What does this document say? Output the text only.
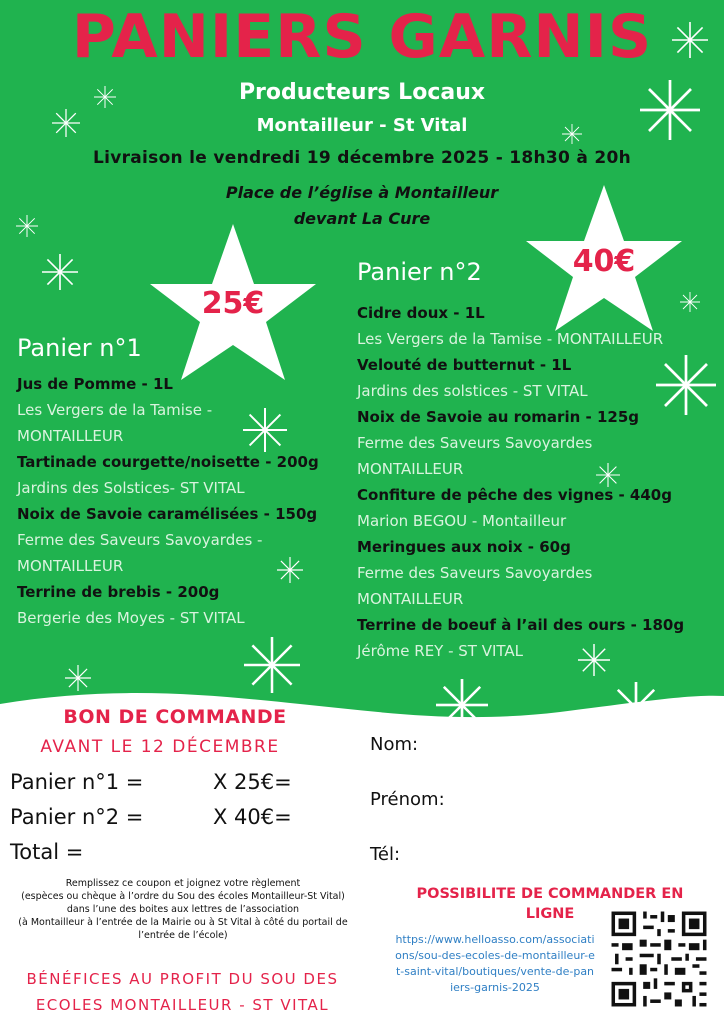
PANIERS GARNIS
Producteurs Locaux
Montailleur - St Vital
Livraison le vendredi 19 décembre 2025 - 18h30 à 20h
Place de l’église à Montailleur
devant La Cure
25€
40€
Panier n°1
Jus de Pomme - 1L
Les Vergers de la Tamise -
MONTAILLEUR
Tartinade courgette/noisette - 200g
Jardins des Solstices- ST VITAL
Noix de Savoie caramélisées - 150g
Ferme des Saveurs Savoyardes -
MONTAILLEUR
Terrine de brebis - 200g
Bergerie des Moyes - ST VITAL
Panier n°2
Cidre doux - 1L
Les Vergers de la Tamise - MONTAILLEUR
Velouté de butternut - 1L
Jardins des solstices - ST VITAL
Noix de Savoie au romarin - 125g
Ferme des Saveurs Savoyardes
MONTAILLEUR
Confiture de pêche des vignes - 440g
Marion BEGOU - Montailleur
Meringues aux noix - 60g
Ferme des Saveurs Savoyardes
MONTAILLEUR
Terrine de boeuf à l’ail des ours - 180g
Jérôme REY - ST VITAL
BON DE COMMANDE
AVANT LE 12 DÉCEMBRE
Panier n°1 =	X 25€=
Panier n°2 =	X 40€=
Total =
Nom:
Prénom:
Tél:
Remplissez ce coupon et joignez votre règlement
(espèces ou chèque à l’ordre du Sou des écoles Montailleur-St Vital)
dans l’une des boites aux lettres de l’association
(à Montailleur à l’entrée de la Mairie ou à St Vital à côté du portail de
l’entrée de l’école)
BÉNÉFICES AU PROFIT DU SOU DES
ECOLES MONTAILLEUR - ST VITAL
POSSIBILITE DE COMMANDER EN
LIGNE
https://www.helloasso.com/associations/sou-des-ecoles-de-montailleur-et-saint-vital/boutiques/vente-de-paniers-garnis-2025
